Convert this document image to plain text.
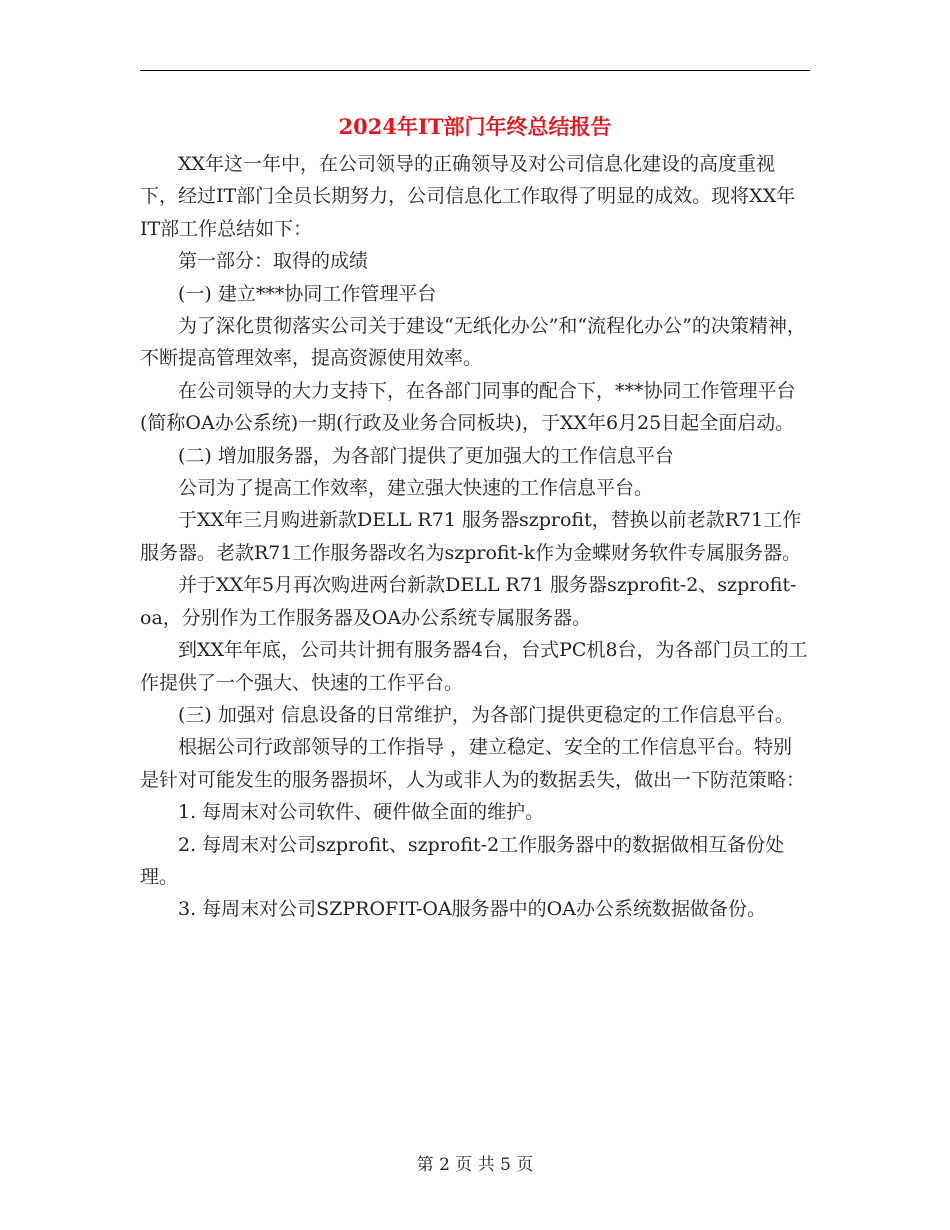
2024年IT部门年终总结报告

XX年这一年中，在公司领导的正确领导及对公司信息化建设的高度重视下，经过IT部门全员长期努力，公司信息化工作取得了明显的成效。现将XX年IT部工作总结如下：

第一部分：取得的成绩

(一) 建立***协同工作管理平台

为了深化贯彻落实公司关于建设“无纸化办公”和“流程化办公”的决策精神，不断提高管理效率，提高资源使用效率。

在公司领导的大力支持下，在各部门同事的配合下，***协同工作管理平台(简称OA办公系统)一期(行政及业务合同板块)，于XX年6月25日起全面启动。

(二) 增加服务器，为各部门提供了更加强大的工作信息平台

公司为了提高工作效率，建立强大快速的工作信息平台。

于XX年三月购进新款DELL R71 服务器szprofit，替换以前老款R71工作服务器。老款R71工作服务器改名为szprofit-k作为金蝶财务软件专属服务器。

并于XX年5月再次购进两台新款DELL R71 服务器szprofit-2、szprofit-oa，分别作为工作服务器及OA办公系统专属服务器。

到XX年年底，公司共计拥有服务器4台，台式PC机8台，为各部门员工的工作提供了一个强大、快速的工作平台。

(三) 加强对 信息设备的日常维护，为各部门提供更稳定的工作信息平台。

根据公司行政部领导的工作指导 ，建立稳定、安全的工作信息平台。特别是针对可能发生的服务器损坏，人为或非人为的数据丢失，做出一下防范策略：

1. 每周末对公司软件、硬件做全面的维护。

2. 每周末对公司szprofit、szprofit-2工作服务器中的数据做相互备份处理。

3. 每周末对公司SZPROFIT-OA服务器中的OA办公系统数据做备份。

第 2 页 共 5 页
